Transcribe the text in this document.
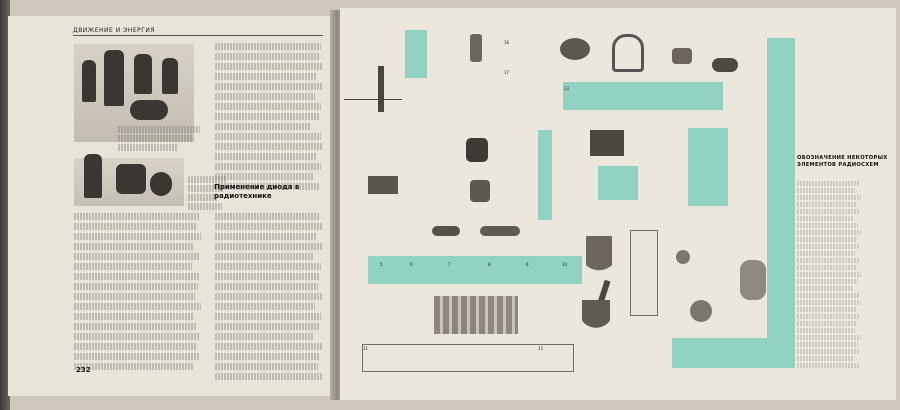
ДВИЖЕНИЕ И ЭНЕРГИЯ
Применение диода в радиотехнике
232
16
17
23
5	6	7	8	9	10
11	15
ОБОЗНАЧЕНИЕ НЕКОТОРЫХ ЭЛЕМЕНТОВ РАДИОСХЕМ
